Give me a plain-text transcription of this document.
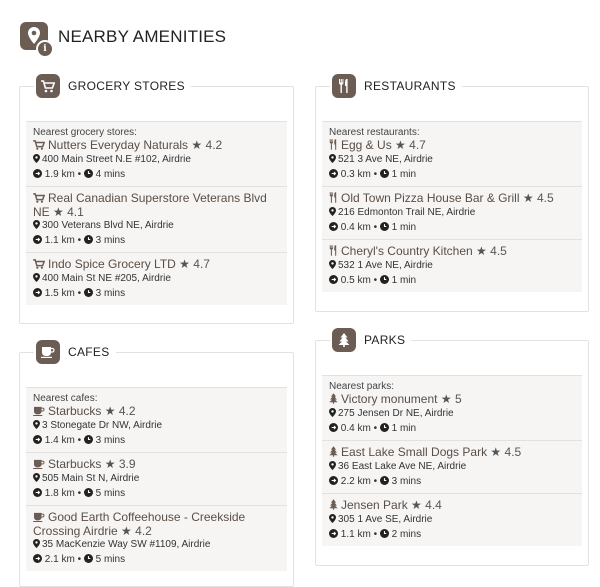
i
NEARBY AMENITIES
GROCERY STORES
Nearest grocery stores:
Nutters Everyday Naturals ★ 4.2
400 Main Street N.E #102, Airdrie
1.9 km •  4 mins
Real Canadian Superstore Veterans Blvd NE ★ 4.1
300 Veterans Blvd NE, Airdrie
1.1 km •  3 mins
Indo Spice Grocery LTD ★ 4.7
400 Main St NE #205, Airdrie
1.5 km •  3 mins
RESTAURANTS
Nearest restaurants:
Egg & Us ★ 4.7
521 3 Ave NE, Airdrie
0.3 km •  1 min
Old Town Pizza House Bar & Grill ★ 4.5
216 Edmonton Trail NE, Airdrie
0.4 km •  1 min
Cheryl's Country Kitchen ★ 4.5
532 1 Ave NE, Airdrie
0.5 km •  1 min
CAFES
Nearest cafes:
Starbucks ★ 4.2
3 Stonegate Dr NW, Airdrie
1.4 km •  3 mins
Starbucks ★ 3.9
505 Main St N, Airdrie
1.8 km •  5 mins
Good Earth Coffeehouse - Creekside Crossing Airdrie ★ 4.2
35 MacKenzie Way SW #1109, Airdrie
2.1 km •  5 mins
PARKS
Nearest parks:
Victory monument ★ 5
275 Jensen Dr NE, Airdrie
0.4 km •  1 min
East Lake Small Dogs Park ★ 4.5
36 East Lake Ave NE, Airdrie
2.2 km •  3 mins
Jensen Park ★ 4.4
305 1 Ave SE, Airdrie
1.1 km •  2 mins
